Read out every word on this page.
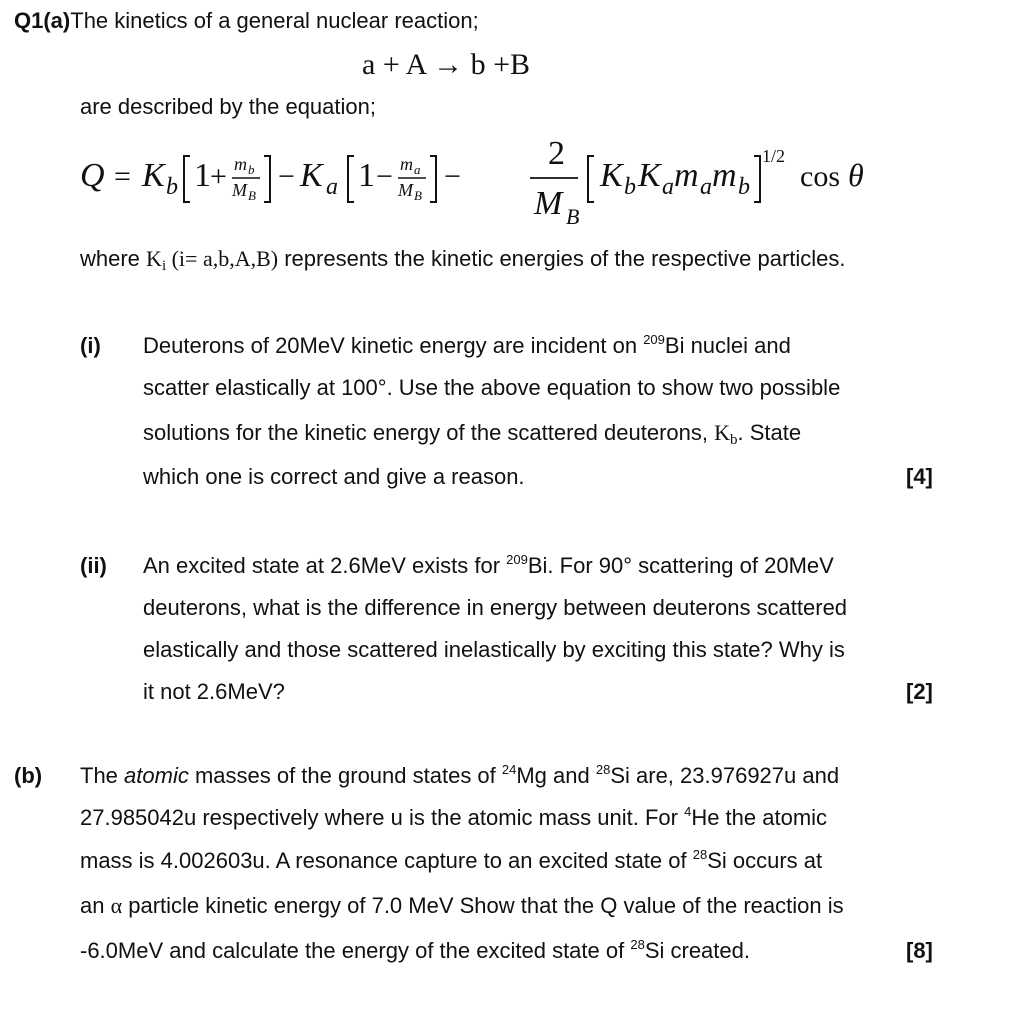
Q1(a)The kinetics of a general nuclear reaction;
a + A → b +B
are described by the equation;
Q = K b 1 + m b
M B
− K a 1 − m a
M B
−
2
M B
K b K a m a m b
1/2
cos θ
where Ki (i= a,b,A,B) represents the kinetic energies of the respective particles.
(i) Deuterons of 20MeV kinetic energy are incident on $^{209}$Bi nuclei and
scatter elastically at 100°. Use the above equation to show two possible
solutions for the kinetic energy of the scattered deuterons, Kb. State
which one is correct and give a reason.	[4]
(ii) An excited state at 2.6MeV exists for $^{209}$Bi. For 90° scattering of 20MeV
deuterons, what is the difference in energy between deuterons scattered
elastically and those scattered inelastically by exciting this state? Why is
it not 2.6MeV?	[2]
(b) The atomic masses of the ground states of $^{24}$Mg and $^{28}$Si are, 23.976927u and
27.985042u respectively where u is the atomic mass unit. For $^4$He the atomic
mass is 4.002603u. A resonance capture to an excited state of $^{28}$Si occurs at
an α particle kinetic energy of 7.0 MeV Show that the Q value of the reaction is
-6.0MeV and calculate the energy of the excited state of $^{28}$Si created.	[8]
